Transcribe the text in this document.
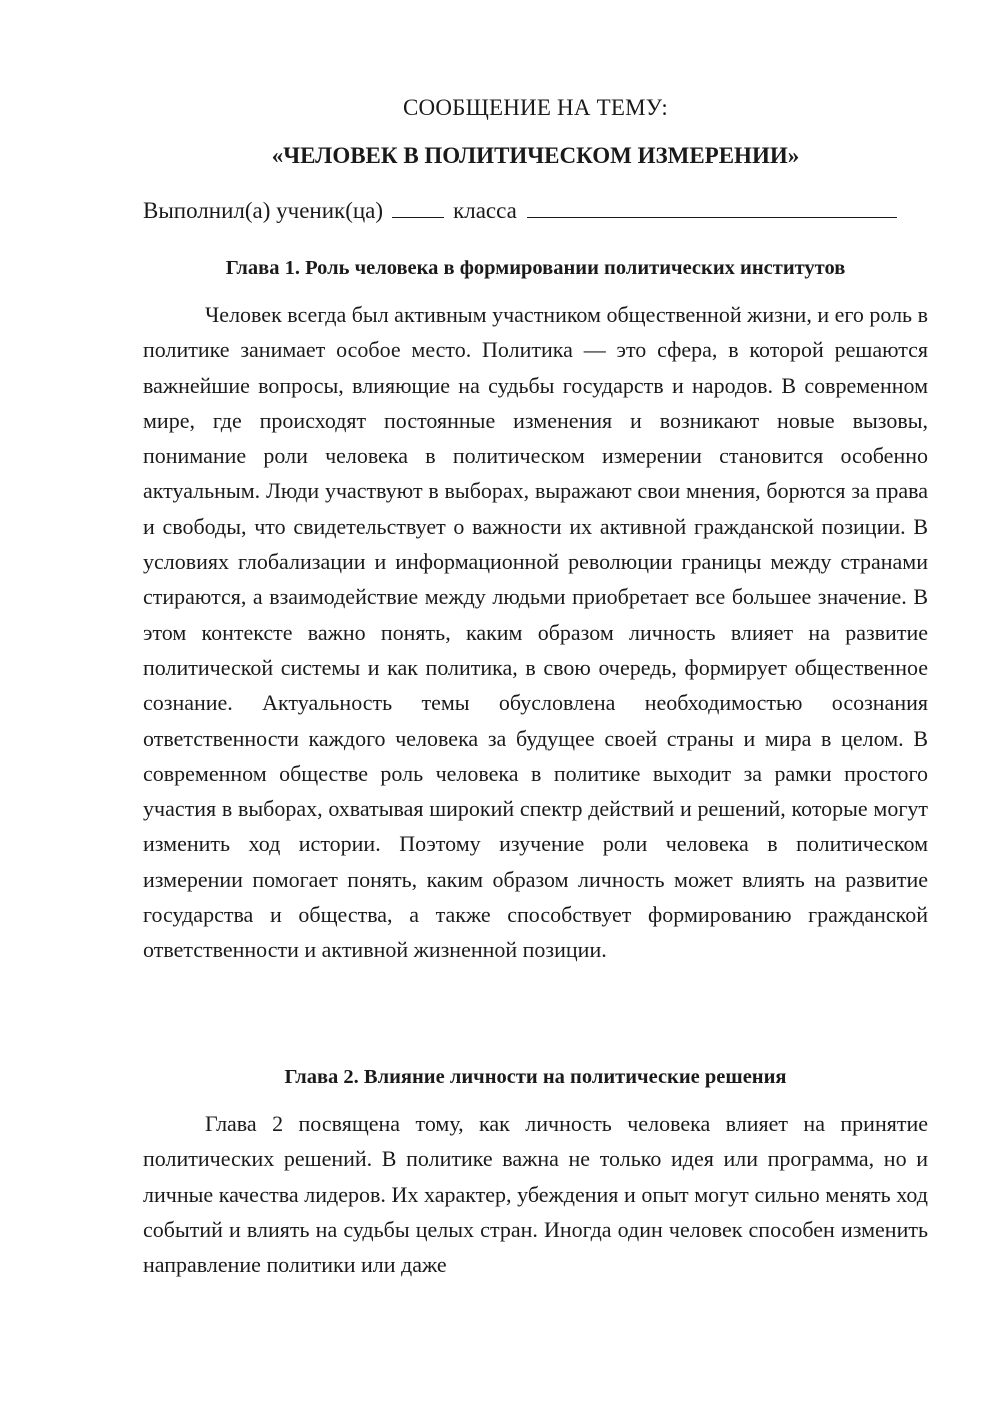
СООБЩЕНИЕ НА ТЕМУ:
«ЧЕЛОВЕК В ПОЛИТИЧЕСКОМ ИЗМЕРЕНИИ»
Выполнил(а) ученик(ца)	класса
Глава 1. Роль человека в формировании политических институтов
Человек всегда был активным участником общественной жизни, и его роль в политике занимает особое место. Политика — это сфера, в которой решаются важнейшие вопросы, влияющие на судьбы государств и народов. В современном мире, где происходят постоянные изменения и возникают новые вызовы, понимание роли человека в политическом измерении становится особенно актуальным. Люди участвуют в выборах, выражают свои мнения, борются за права и свободы, что свидетельствует о важности их активной гражданской позиции. В условиях глобализации и информационной революции границы между странами стираются, а взаимодействие между людьми приобретает все большее значение. В этом контексте важно понять, каким образом личность влияет на развитие политической системы и как политика, в свою очередь, формирует общественное сознание. Актуальность темы обусловлена необходимостью осознания ответственности каждого человека за будущее своей страны и мира в целом. В современном обществе роль человека в политике выходит за рамки простого участия в выборах, охватывая широкий спектр действий и решений, которые могут изменить ход истории. Поэтому изучение роли человека в политическом измерении помогает понять, каким образом личность может влиять на развитие государства и общества, а также способствует формированию гражданской ответственности и активной жизненной позиции.
Глава 2. Влияние личности на политические решения
Глава 2 посвящена тому, как личность человека влияет на принятие политических решений. В политике важна не только идея или программа, но и личные качества лидеров. Их характер, убеждения и опыт могут сильно менять ход событий и влиять на судьбы целых стран. Иногда один человек способен изменить направление политики или даже
